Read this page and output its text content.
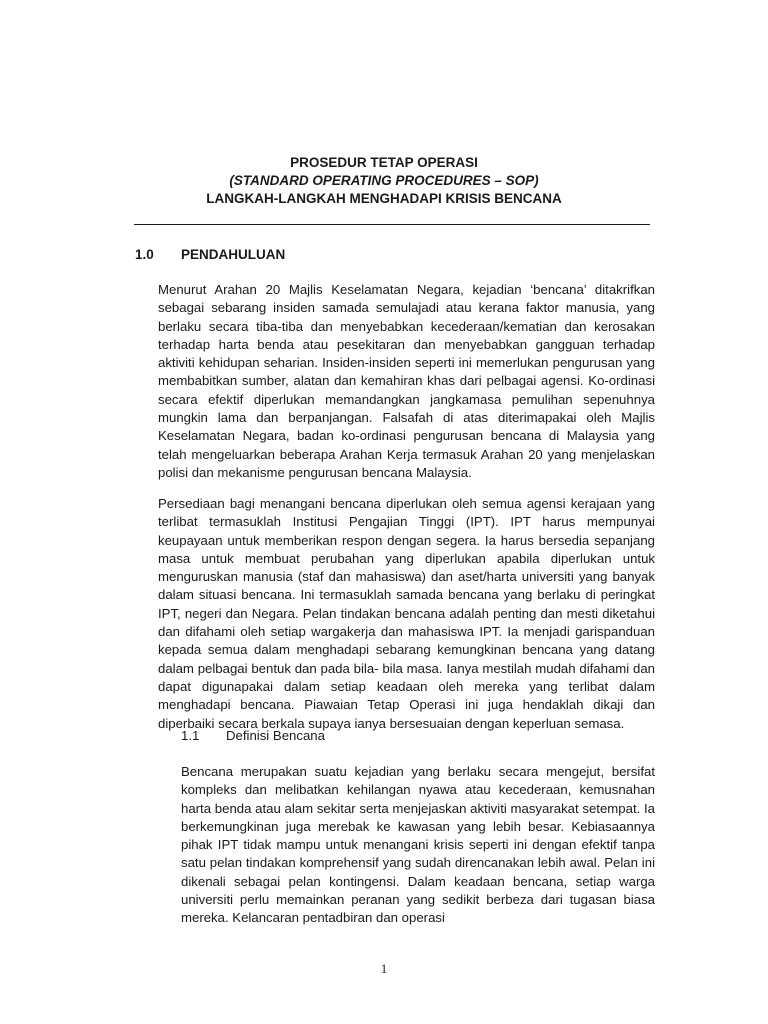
PROSEDUR TETAP OPERASI
(STANDARD OPERATING PROCEDURES – SOP)
LANGKAH-LANGKAH MENGHADAPI KRISIS BENCANA
1.0 PENDAHULUAN

Menurut Arahan 20 Majlis Keselamatan Negara, kejadian ‘bencana’ ditakrifkan sebagai sebarang insiden samada semulajadi atau kerana faktor manusia, yang berlaku secara tiba-tiba dan menyebabkan kecederaan/kematian dan kerosakan terhadap harta benda atau pesekitaran dan menyebabkan gangguan terhadap aktiviti kehidupan seharian. Insiden-insiden seperti ini memerlukan pengurusan yang membabitkan sumber, alatan dan kemahiran khas dari pelbagai agensi. Ko-ordinasi secara efektif diperlukan memandangkan jangkamasa pemulihan sepenuhnya mungkin lama dan berpanjangan. Falsafah di atas diterimapakai oleh Majlis Keselamatan Negara, badan ko-ordinasi pengurusan bencana di Malaysia yang telah mengeluarkan beberapa Arahan Kerja termasuk Arahan 20 yang menjelaskan polisi dan mekanisme pengurusan bencana Malaysia.

Persediaan bagi menangani bencana diperlukan oleh semua agensi kerajaan yang terlibat termasuklah Institusi Pengajian Tinggi (IPT). IPT harus mempunyai keupayaan untuk memberikan respon dengan segera. Ia harus bersedia sepanjang masa untuk membuat perubahan yang diperlukan apabila diperlukan untuk menguruskan manusia (staf dan mahasiswa) dan aset/harta universiti yang banyak dalam situasi bencana. Ini termasuklah samada bencana yang berlaku di peringkat IPT, negeri dan Negara. Pelan tindakan bencana adalah penting dan mesti diketahui dan difahami oleh setiap wargakerja dan mahasiswa IPT. Ia menjadi garispanduan kepada semua dalam menghadapi sebarang kemungkinan bencana yang datang dalam pelbagai bentuk dan pada bila- bila masa. Ianya mestilah mudah difahami dan dapat digunapakai dalam setiap keadaan oleh mereka yang terlibat dalam menghadapi bencana. Piawaian Tetap Operasi ini juga hendaklah dikaji dan diperbaiki secara berkala supaya ianya bersesuaian dengan keperluan semasa.

1.1 Definisi Bencana

Bencana merupakan suatu kejadian yang berlaku secara mengejut, bersifat kompleks dan melibatkan kehilangan nyawa atau kecederaan, kemusnahan harta benda atau alam sekitar serta menjejaskan aktiviti masyarakat setempat. Ia berkemungkinan juga merebak ke kawasan yang lebih besar. Kebiasaannya pihak IPT tidak mampu untuk menangani krisis seperti ini dengan efektif tanpa satu pelan tindakan komprehensif yang sudah direncanakan lebih awal. Pelan ini dikenali sebagai pelan kontingensi. Dalam keadaan bencana, setiap warga universiti perlu memainkan peranan yang sedikit berbeza dari tugasan biasa mereka. Kelancaran pentadbiran dan operasi

1
